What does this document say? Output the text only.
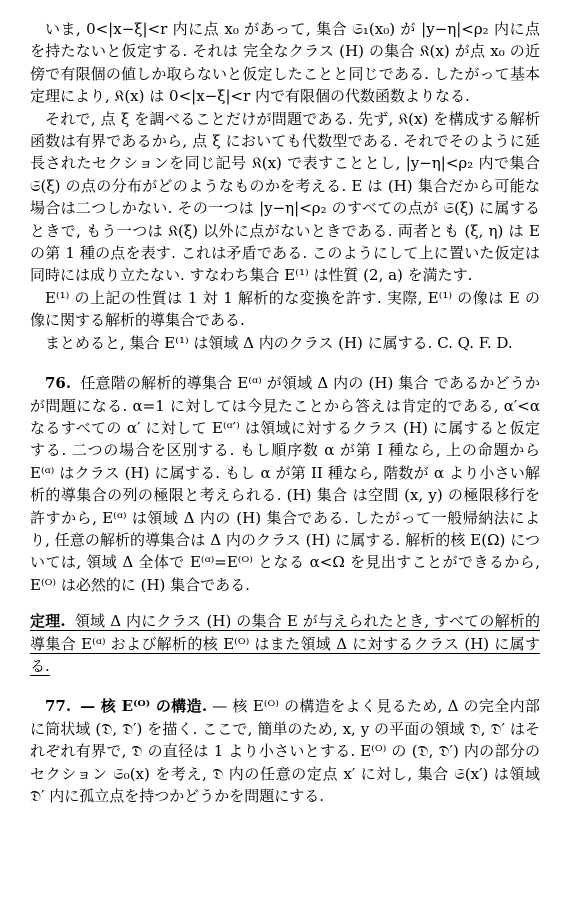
いま, 0<|x−ξ|<r 内に点 x₀ があって, 集合 𝔖₁(x₀) が |y−η|<ρ₂ 内に点を持たないと仮定する. それは 完全なクラス (H) の集合 𝔎(x) が点 x₀ の近傍で有限個の値しか取らないと仮定したことと同じである. したがって基本定理により, 𝔎(x) は 0<|x−ξ|<r 内で有限個の代数函数よりなる.

それで, 点 ξ を調べることだけが問題である. 先ず, 𝔎(x) を構成する解析函数は有界であるから, 点 ξ においても代数型である. それでそのように延長されたセクションを同じ記号 𝔎(x) で表すこととし, |y−η|<ρ₂ 内で集合 𝔖(ξ) の点の分布がどのようなものかを考える. E は (H) 集合だから可能な場合は二つしかない. その一つは |y−η|<ρ₂ のすべての点が 𝔖(ξ) に属するときで, もう一つは 𝔎(ξ) 以外に点がないときである. 両者とも (ξ, η) は E の第 1 種の点を表す. これは矛盾である. このようにして上に置いた仮定は同時には成り立たない. すなわち集合 E⁽¹⁾ は性質 (2, a) を満たす.

E⁽¹⁾ の上記の性質は 1 対 1 解析的な変換を許す. 実際, E⁽¹⁾ の像は E の像に関する解析的導集合である.

まとめると, 集合 E⁽¹⁾ は領域 Δ 内のクラス (H) に属する. C. Q. F. D.

76. 任意階の解析的導集合 E⁽ᵅ⁾ が領域 Δ 内の (H) 集合 であるかどうかが問題になる. α=1 に対しては今見たことから答えは肯定的である, α′<α なるすべての α′ に対して E⁽ᵅ′⁾ は領域に対するクラス (H) に属すると仮定する. 二つの場合を区別する. もし順序数 α が第 I 種なら, 上の命題から E⁽ᵅ⁾ はクラス (H) に属する. もし α が第 II 種なら, 階数が α より小さい解析的導集合の列の極限と考えられる. (H) 集合 は空間 (x, y) の極限移行を許すから, E⁽ᵅ⁾ は領域 Δ 内の (H) 集合である. したがって一般帰納法により, 任意の解析的導集合は Δ 内のクラス (H) に属する. 解析的核 E(Ω) については, 領域 Δ 全体で E⁽ᵅ⁾=E⁽ᴼ⁾ となる α<Ω を見出すことができるから, E⁽ᴼ⁾ は必然的に (H) 集合である.

定理. 領域 Δ 内にクラス (H) の集合 E が与えられたとき, すべての解析的導集合 E⁽ᵅ⁾ および解析的核 E⁽ᴼ⁾ はまた領域 Δ に対するクラス (H) に属する.

77. — 核 E⁽ᴼ⁾ の構造. — 核 E⁽ᴼ⁾ の構造をよく見るため, Δ の完全内部に筒状域 (𝔇, 𝔇′) を描く. ここで, 簡単のため, x, y の平面の領域 𝔇, 𝔇′ はそれぞれ有界で, 𝔇 の直径は 1 より小さいとする. E⁽ᴼ⁾ の (𝔇, 𝔇′) 内の部分のセクション 𝔖₀(x) を考え, 𝔇 内の任意の定点 x′ に対し, 集合 𝔖(x′) は領域 𝔇′ 内に孤立点を持つかどうかを問題にする.
